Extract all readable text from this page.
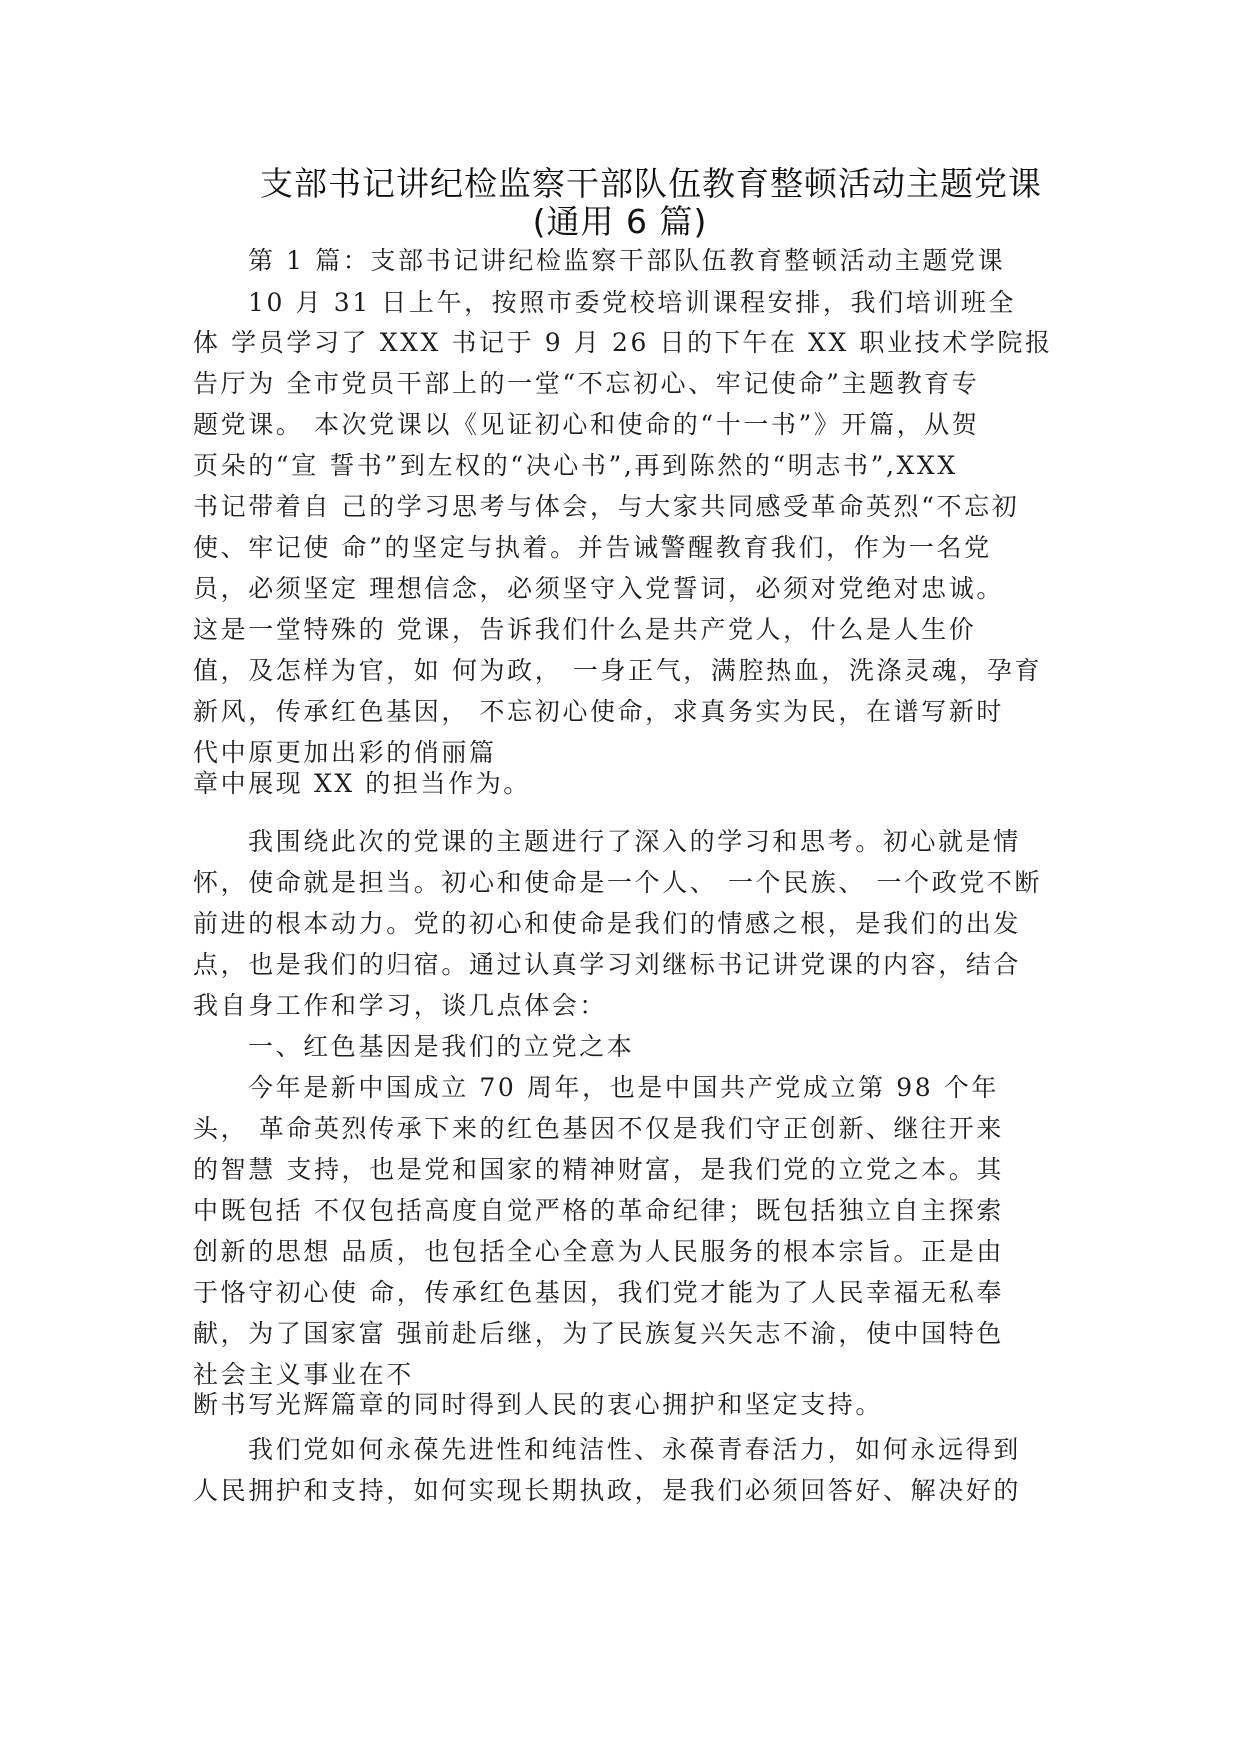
支部书记讲纪检监察干部队伍教育整顿活动主题党课
(通用 6 篇)
第 1 篇：支部书记讲纪检监察干部队伍教育整顿活动主题党课
10 月 31 日上午，按照市委党校培训课程安排，我们培训班全
体 学员学习了 XXX 书记于 9 月 26 日的下午在 XX 职业技术学院报
告厅为 全市党员干部上的一堂“不忘初心、牢记使命”主题教育专
题党课。 本次党课以《见证初心和使命的“十一书”》开篇，从贺
页朵的“宣 誓书”到左权的“决心书”,再到陈然的“明志书”,XXX
书记带着自 己的学习思考与体会，与大家共同感受革命英烈“不忘初
使、牢记使 命”的坚定与执着。并告诫警醒教育我们，作为一名党
员，必须坚定 理想信念，必须坚守入党誓词，必须对党绝对忠诚。
这是一堂特殊的 党课，告诉我们什么是共产党人，什么是人生价
值，及怎样为官，如 何为政， 一身正气，满腔热血，洗涤灵魂，孕育
新风，传承红色基因， 不忘初心使命，求真务实为民，在谱写新时
代中原更加出彩的俏丽篇
章中展现 XX 的担当作为。
我围绕此次的党课的主题进行了深入的学习和思考。初心就是情
怀，使命就是担当。初心和使命是一个人、 一个民族、 一个政党不断
前进的根本动力。党的初心和使命是我们的情感之根，是我们的出发
点，也是我们的归宿。通过认真学习刘继标书记讲党课的内容，结合
我自身工作和学习，谈几点体会：
一、红色基因是我们的立党之本
今年是新中国成立 70 周年，也是中国共产党成立第 98 个年
头， 革命英烈传承下来的红色基因不仅是我们守正创新、继往开来
的智慧 支持，也是党和国家的精神财富，是我们党的立党之本。其
中既包括 不仅包括高度自觉严格的革命纪律；既包括独立自主探索
创新的思想 品质，也包括全心全意为人民服务的根本宗旨。正是由
于恪守初心使 命，传承红色基因，我们党才能为了人民幸福无私奉
献，为了国家富 强前赴后继，为了民族复兴矢志不渝，使中国特色
社会主义事业在不
断书写光辉篇章的同时得到人民的衷心拥护和坚定支持。
我们党如何永葆先进性和纯洁性、永葆青春活力，如何永远得到
人民拥护和支持，如何实现长期执政，是我们必须回答好、解决好的
